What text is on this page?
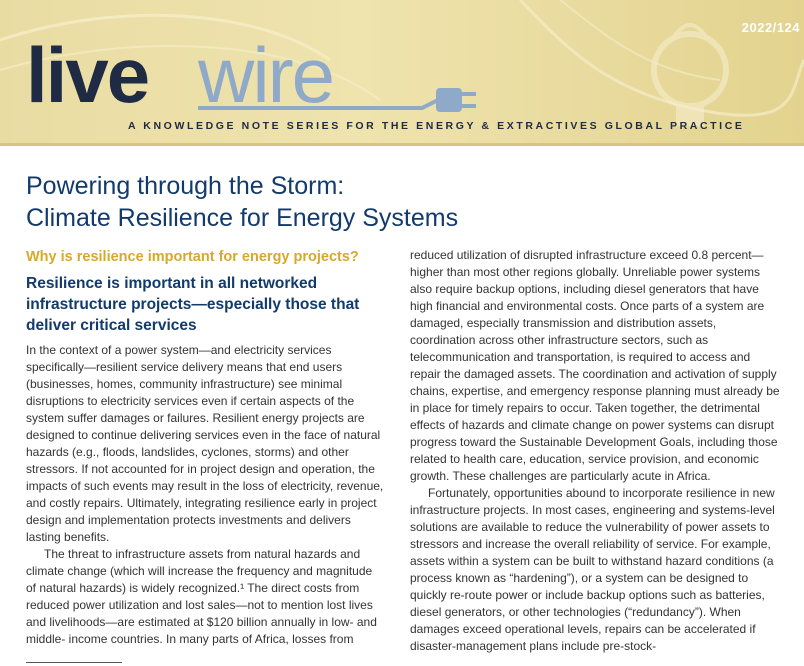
2022/124
live wire
A KNOWLEDGE NOTE SERIES FOR THE ENERGY & EXTRACTIVES GLOBAL PRACTICE
Powering through the Storm:
Climate Resilience for Energy Systems
Why is resilience important for energy projects?
Resilience is important in all networked infrastructure projects—especially those that deliver critical services

In the context of a power system—and electricity services specifically—resilient service delivery means that end users (businesses, homes, community infrastructure) see minimal disruptions to electricity services even if certain aspects of the system suffer damages or failures. Resilient energy projects are designed to continue delivering services even in the face of natural hazards (e.g., floods, landslides, cyclones, storms) and other stressors. If not accounted for in project design and operation, the impacts of such events may result in the loss of electricity, revenue, and costly repairs. Ultimately, integrating resilience early in project design and implementation protects investments and delivers lasting benefits.

The threat to infrastructure assets from natural hazards and climate change (which will increase the frequency and magnitude of natural hazards) is widely recognized.¹ The direct costs from reduced power utilization and lost sales—not to mention lost lives and livelihoods—are estimated at $120 billion annually in low- and middle- income countries. In many parts of Africa, losses from

reduced utilization of disrupted infrastructure exceed 0.8 percent—higher than most other regions globally. Unreliable power systems also require backup options, including diesel generators that have high financial and environmental costs. Once parts of a system are damaged, especially transmission and distribution assets, coordination across other infrastructure sectors, such as telecommunication and transportation, is required to access and repair the damaged assets. The coordination and activation of supply chains, expertise, and emergency response planning must already be in place for timely repairs to occur. Taken together, the detrimental effects of hazards and climate change on power systems can disrupt progress toward the Sustainable Development Goals, including those related to health care, education, service provision, and economic growth. These challenges are particularly acute in Africa.

Fortunately, opportunities abound to incorporate resilience in new infrastructure projects. In most cases, engineering and systems-level solutions are available to reduce the vulnerability of power assets to stressors and increase the overall reliability of service. For example, assets within a system can be built to withstand hazard conditions (a process known as “hardening”), or a system can be designed to quickly re-route power or include backup options such as batteries, diesel generators, or other technologies (“redundancy”). When damages exceed operational levels, repairs can be accelerated if disaster-management plans include pre-stock-
